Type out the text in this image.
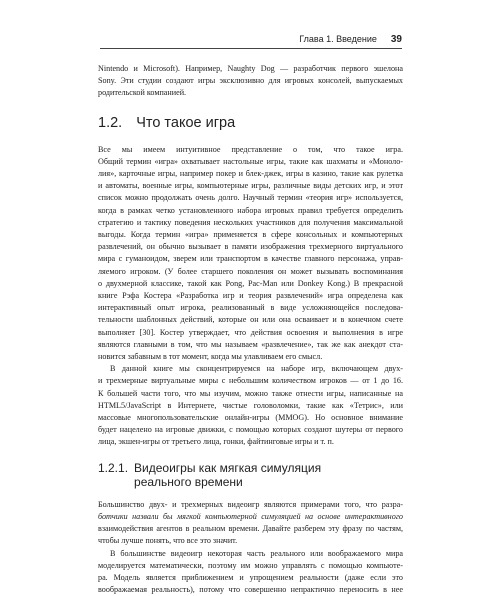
Глава 1. Введение 39
Nintendo и Microsoft). Например, Naughty Dog — разработчик первого эшелона
Sony. Эти студии создают игры эксклюзивно для игровых консолей, выпускаемых
родительской компанией.
1.2. Что такое игра
Все мы имеем интуитивное представление о том, что такое игра.
Общий термин «игра» охватывает настольные игры, такие как шахматы и «Моноло-
лия», карточные игры, например покер и блек-джек, игры в казино, такие как рулетка
и автоматы, военные игры, компьютерные игры, различные виды детских игр, и этот
список можно продолжать очень долго. Научный термин «теория игр» используется,
когда в рамках четко установленного набора игровых правил требуется определить
стратегию и тактику поведения нескольких участников для получения максимальной
выгоды. Когда термин «игра» применяется в сфере консольных и компьютерных
развлечений, он обычно вызывает в памяти изображения трехмерного виртуального
мира с гуманоидом, зверем или транспортом в качестве главного персонажа, управ-
ляемого игроком. (У более старшего поколения он может вызывать воспоминания
о двухмерной классике, такой как Pong, Pac-Man или Donkey Kong.) В прекрасной
книге Рэфа Костера «Разработка игр и теория развлечений» игра определена как
интерактивный опыт игрока, реализованный в виде усложняющейся последова-
тельности шаблонных действий, которые он или она осваивает и в конечном счете
выполняет [30]. Костер утверждает, что действия освоения и выполнения в игре
являются главными в том, что мы называем «развлечение», так же как анекдот ста-
новится забавным в тот момент, когда мы улавливаем его смысл.
В данной книге мы сконцентрируемся на наборе игр, включающем двух-
и трехмерные виртуальные миры с небольшим количеством игроков — от 1 до 16.
К большей части того, что мы изучим, можно также отнести игры, написанные на
HTML5/JavaScript в Интернете, чистые головоломки, такие как «Тетрис», или
массовые многопользовательские онлайн-игры (MMOG). Но основное внимание
будет нацелено на игровые движки, с помощью которых создают шутеры от первого
лица, экшен-игры от третьего лица, гонки, файтинговые игры и т. п.
1.2.1. Видеоигры как мягкая симуляция
реального времени
Большинство двух- и трехмерных видеоигр являются примерами того, что разра-
ботчики назвали бы мягкой компьютерной симуляцией на основе интерактивного
взаимодействия агентов в реальном времени. Давайте разберем эту фразу по частям,
чтобы лучше понять, что все это значит.
В большинстве видеоигр некоторая часть реального или воображаемого мира
моделируется математически, поэтому им можно управлять с помощью компьюте-
ра. Модель является приближением и упрощением реальности (даже если это
воображаемая реальность), потому что совершенно непрактично переносить в нее
